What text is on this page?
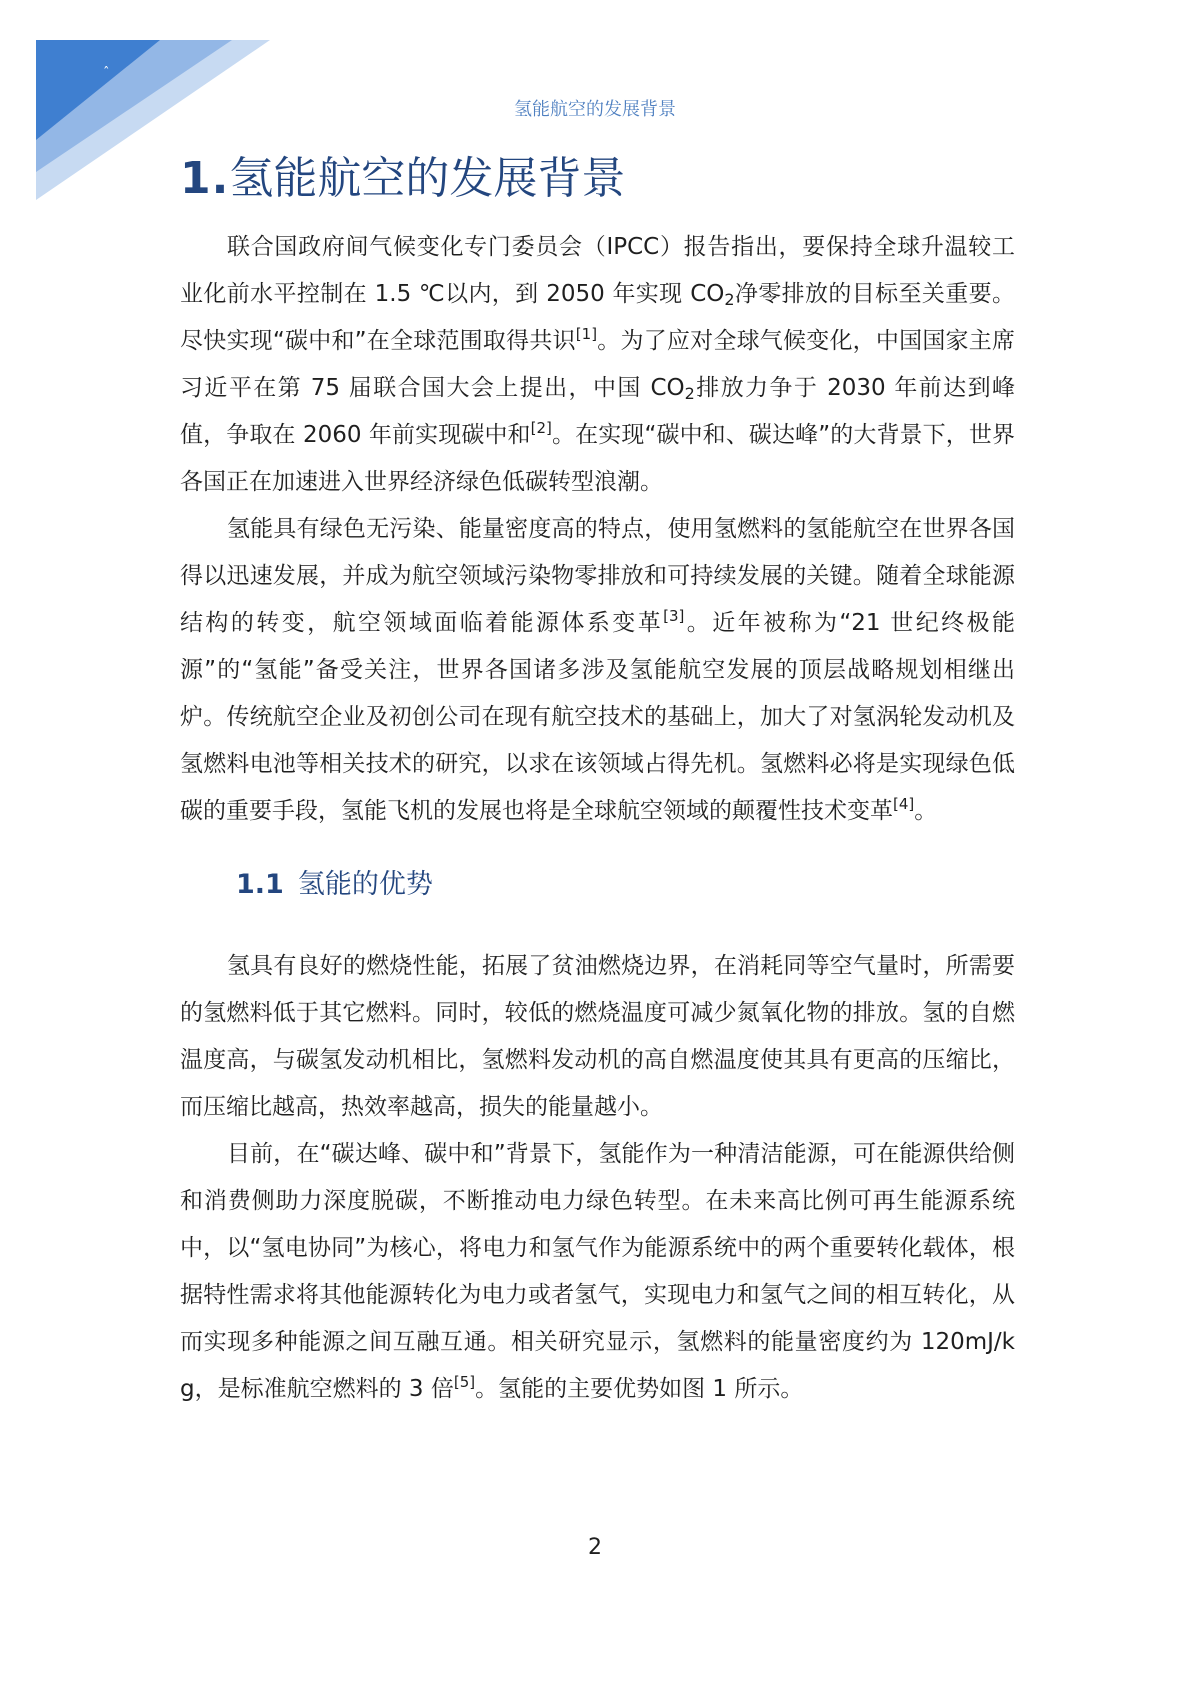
ˆ
氢能航空的发展背景
1.氢能航空的发展背景

联合国政府间气候变化专门委员会（IPCC）报告指出，要保持全球升温较工业化前水平控制在 1.5 ℃以内，到 2050 年实现 $CO_2$净零排放的目标至关重要。尽快实现“碳中和”在全球范围取得共识[1]。为了应对全球气候变化，中国国家主席习近平在第 75 届联合国大会上提出，中国 $CO_2$排放力争于 2030 年前达到峰值，争取在 2060 年前实现碳中和[2]。在实现“碳中和、碳达峰”的大背景下，世界各国正在加速进入世界经济绿色低碳转型浪潮。

氢能具有绿色无污染、能量密度高的特点，使用氢燃料的氢能航空在世界各国得以迅速发展，并成为航空领域污染物零排放和可持续发展的关键。随着全球能源结构的转变，航空领域面临着能源体系变革[3]。近年被称为“21 世纪终极能源”的“氢能”备受关注，世界各国诸多涉及氢能航空发展的顶层战略规划相继出炉。传统航空企业及初创公司在现有航空技术的基础上，加大了对氢涡轮发动机及氢燃料电池等相关技术的研究，以求在该领域占得先机。氢燃料必将是实现绿色低碳的重要手段，氢能飞机的发展也将是全球航空领域的颠覆性技术变革[4]。

1.1 氢能的优势

氢具有良好的燃烧性能，拓展了贫油燃烧边界，在消耗同等空气量时，所需要的氢燃料低于其它燃料。同时，较低的燃烧温度可减少氮氧化物的排放。氢的自燃温度高，与碳氢发动机相比，氢燃料发动机的高自燃温度使其具有更高的压缩比，而压缩比越高，热效率越高，损失的能量越小。

目前，在“碳达峰、碳中和”背景下，氢能作为一种清洁能源，可在能源供给侧和消费侧助力深度脱碳，不断推动电力绿色转型。在未来高比例可再生能源系统中，以“氢电协同”为核心，将电力和氢气作为能源系统中的两个重要转化载体，根据特性需求将其他能源转化为电力或者氢气，实现电力和氢气之间的相互转化，从而实现多种能源之间互融互通。相关研究显示，氢燃料的能量密度约为 120mJ/kg，是标准航空燃料的 3 倍[5]。氢能的主要优势如图 1 所示。

2
